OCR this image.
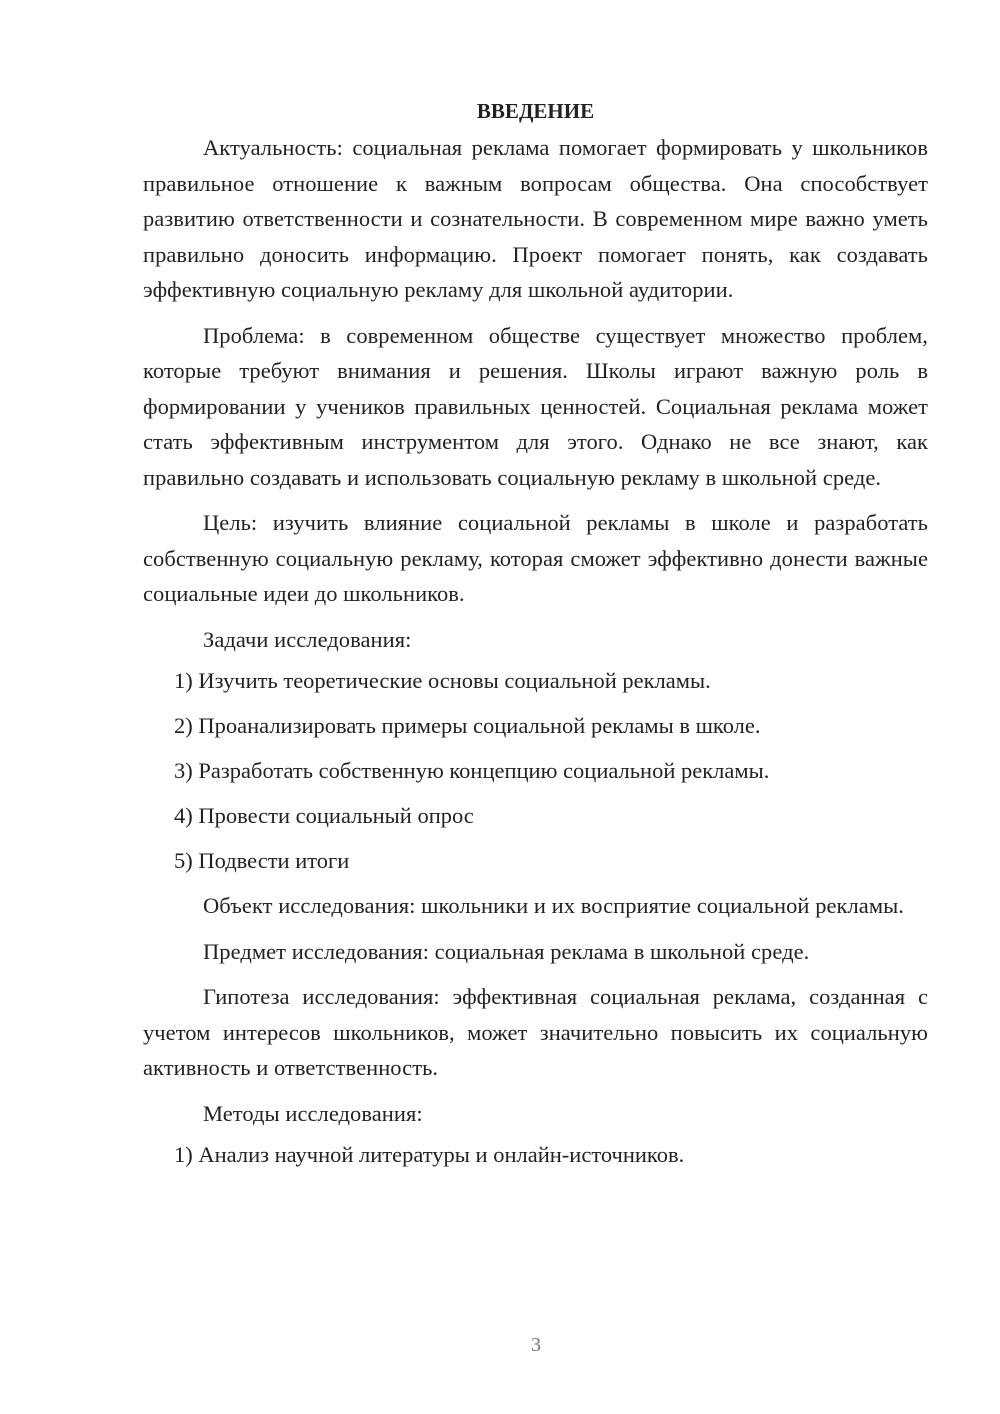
ВВЕДЕНИЕ
Актуальность: социальная реклама помогает формировать у школьников правильное отношение к важным вопросам общества. Она способствует развитию ответственности и сознательности. В современном мире важно уметь правильно доносить информацию. Проект помогает понять, как создавать эффективную социальную рекламу для школьной аудитории.
Проблема: в современном обществе существует множество проблем, которые требуют внимания и решения. Школы играют важную роль в формировании у учеников правильных ценностей. Социальная реклама может стать эффективным инструментом для этого. Однако не все знают, как правильно создавать и использовать социальную рекламу в школьной среде.
Цель: изучить влияние социальной рекламы в школе и разработать собственную социальную рекламу, которая сможет эффективно донести важные социальные идеи до школьников.
Задачи исследования:
1) Изучить теоретические основы социальной рекламы.
2) Проанализировать примеры социальной рекламы в школе.
3) Разработать собственную концепцию социальной рекламы.
4) Провести социальный опрос
5) Подвести итоги
Объект исследования: школьники и их восприятие социальной рекламы.
Предмет исследования: социальная реклама в школьной среде.
Гипотеза исследования: эффективная социальная реклама, созданная с учетом интересов школьников, может значительно повысить их социальную активность и ответственность.
Методы исследования:
1) Анализ научной литературы и онлайн-источников.
3
